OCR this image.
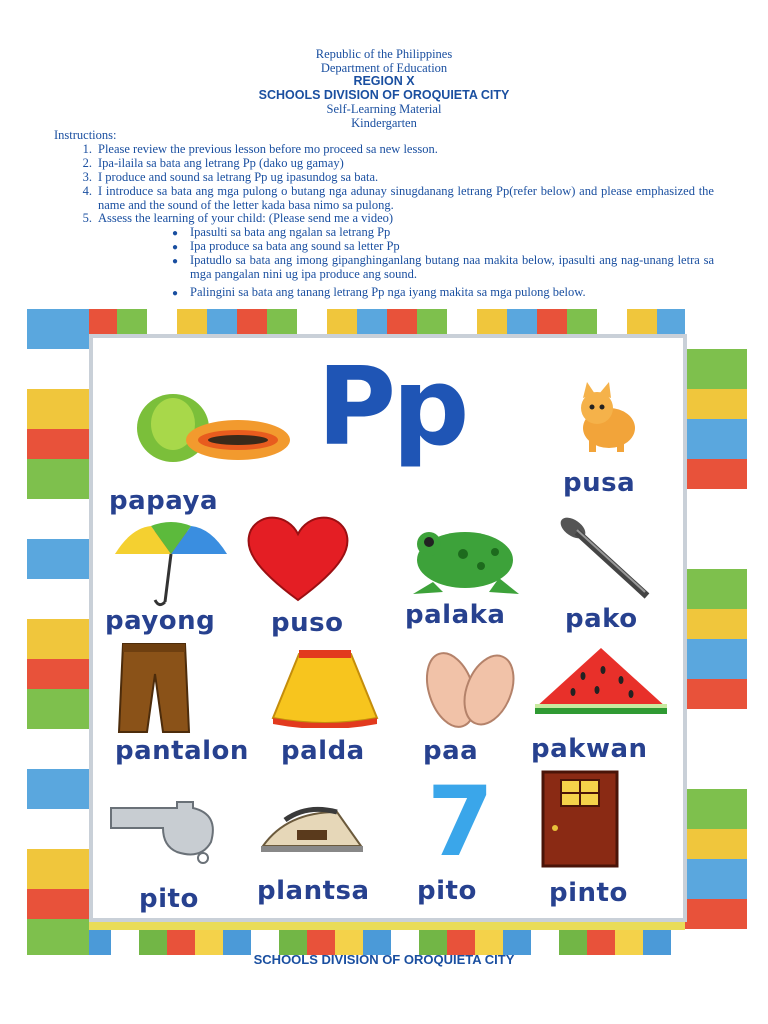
Republic of the Philippines
Department of Education
REGION X
SCHOOLS DIVISION OF OROQUIETA CITY
Self-Learning Material
Kindergarten
Instructions:
1. Please review the previous lesson before mo proceed sa new lesson.
2. Ipa-ilaila sa bata ang letrang Pp (dako ug gamay)
3. I produce and sound sa letrang Pp ug ipasundog sa bata.
4. I introduce sa bata ang mga pulong o butang nga adunay sinugdanang letrang Pp(refer below) and please emphasized the name and the sound of the letter kada basa nimo sa pulong.
5. Assess the learning of your child: (Please send me a video)
● Ipasulti sa bata ang ngalan sa letrang Pp
● Ipa produce sa bata ang sound sa letter Pp
● Ipatudlo sa bata ang imong gipanghinganlang butang naa makita below, ipasulti ang nag-unang letra sa mga pangalan nini ug ipa produce ang sound.
● Palingini sa bata ang tanang letrang Pp nga iyang makita sa mga pulong below.
Pp
papaya
pusa
payong puso palaka pako
pantalon palda paa pakwan
pito plantsa
7
pito	pinto
SCHOOLS DIVISION OF OROQUIETA CITY
